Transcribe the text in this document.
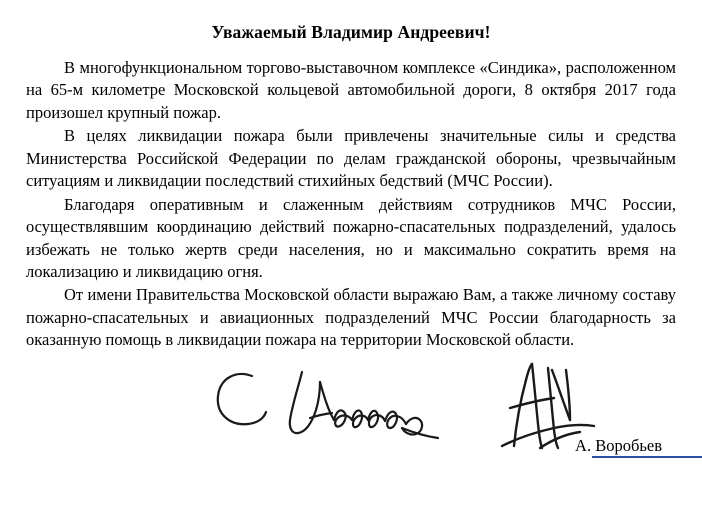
Уважаемый Владимир Андреевич!

В многофункциональном торгово-выставочном комплексе «Синдика», расположенном на 65-м километре Московской кольцевой автомобильной дороги, 8 октября 2017 года произошел крупный пожар.

В целях ликвидации пожара были привлечены значительные силы и средства Министерства Российской Федерации по делам гражданской обороны, чрезвычайным ситуациям и ликвидации последствий стихийных бедствий (МЧС России).

Благодаря оперативным и слаженным действиям сотрудников МЧС России, осуществлявшим координацию действий пожарно-спасательных подразделений, удалось избежать не только жертв среди населения, но и максимально сократить время на локализацию и ликвидацию огня.

От имени Правительства Московской области выражаю Вам, а также личному составу пожарно-спасательных и авиационных подразделений МЧС России благодарность за оказанную помощь в ликвидации пожара на территории Московской области.

А. Воробьев
